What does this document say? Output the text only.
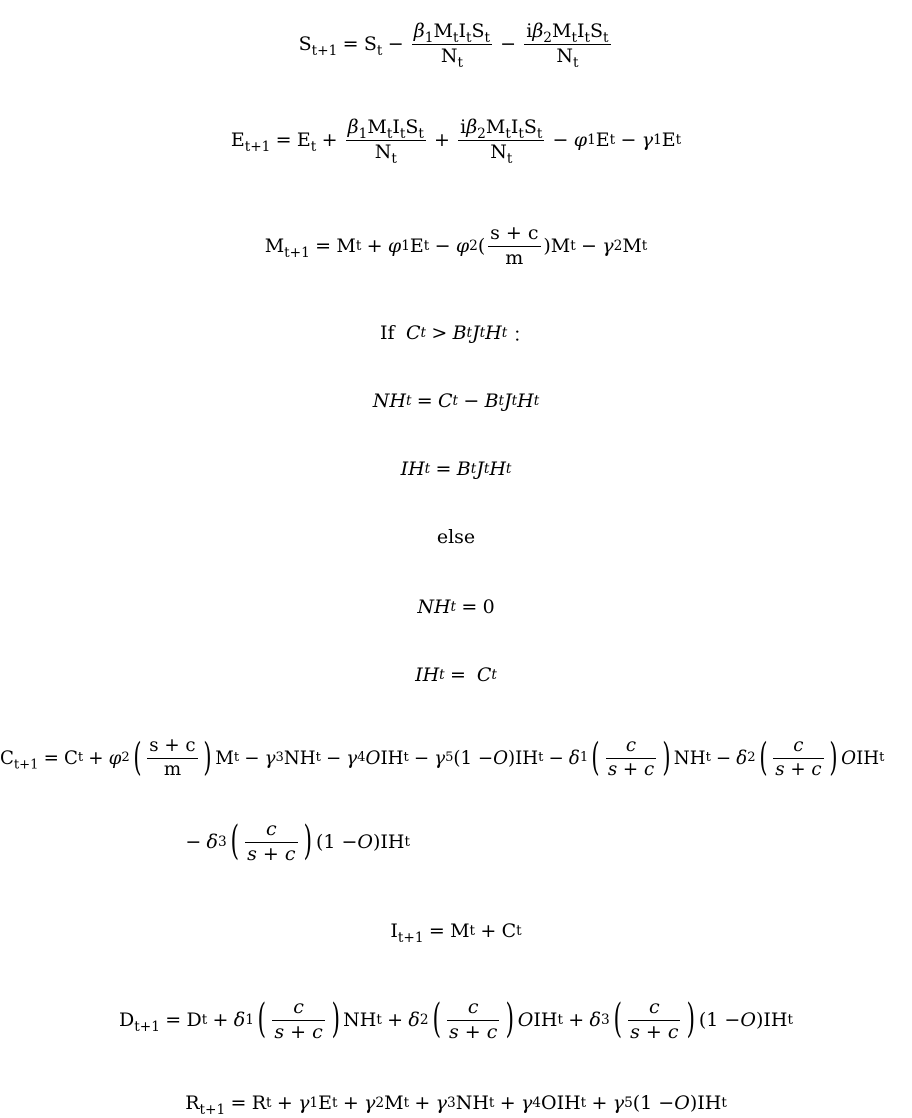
$S_{t+1} = S_t - \frac{\beta_1M_tI_tS_t}{N_t} - \frac{i\beta_2M_tI_tS_t}{N_t}$
$E_{t+1} = E_t + \frac{\beta_1M_tI_tS_t}{N_t} + \frac{i\beta_2M_tI_tS_t}{N_t} - \varphi$ 1 E t − γ 1 E t
$M_{t+1} = M$ t + φ 1 E t − φ 2 ( $\frac{s + c}{m} )M$ t − γ 2 M t
If C t > B t J t H t ：
NH t = C t − B t J t H t
IH t = B t J t H t
else
NH t = 0
IH t = C t
$C_{t+1} = C$ t + φ 2 ( $\frac{s + c}{m}$ ) M t − γ 3 NH t − γ 4 O IH t − γ 5 (1 − O )IH t − δ 1 ( $\frac{c}{s + c}$ ) NH t − δ 2 ( $\frac{c}{s + c}$ ) O IH t
− δ 3 ( $\frac{c}{s + c}$ ) (1 − O )IH t
$I_{t+1} = M$ t + C t
$D_{t+1} = D$ t + δ 1 ( $\frac{c}{s + c}$ ) NH t + δ 2 ( $\frac{c}{s + c}$ ) O IH t + δ 3 ( $\frac{c}{s + c}$ ) (1 − O )IH t
$R_{t+1} = R$ t + γ 1 E t + γ 2 M t + γ 3 NH t + γ 4 OIH t + γ 5 (1 − O )IH t
